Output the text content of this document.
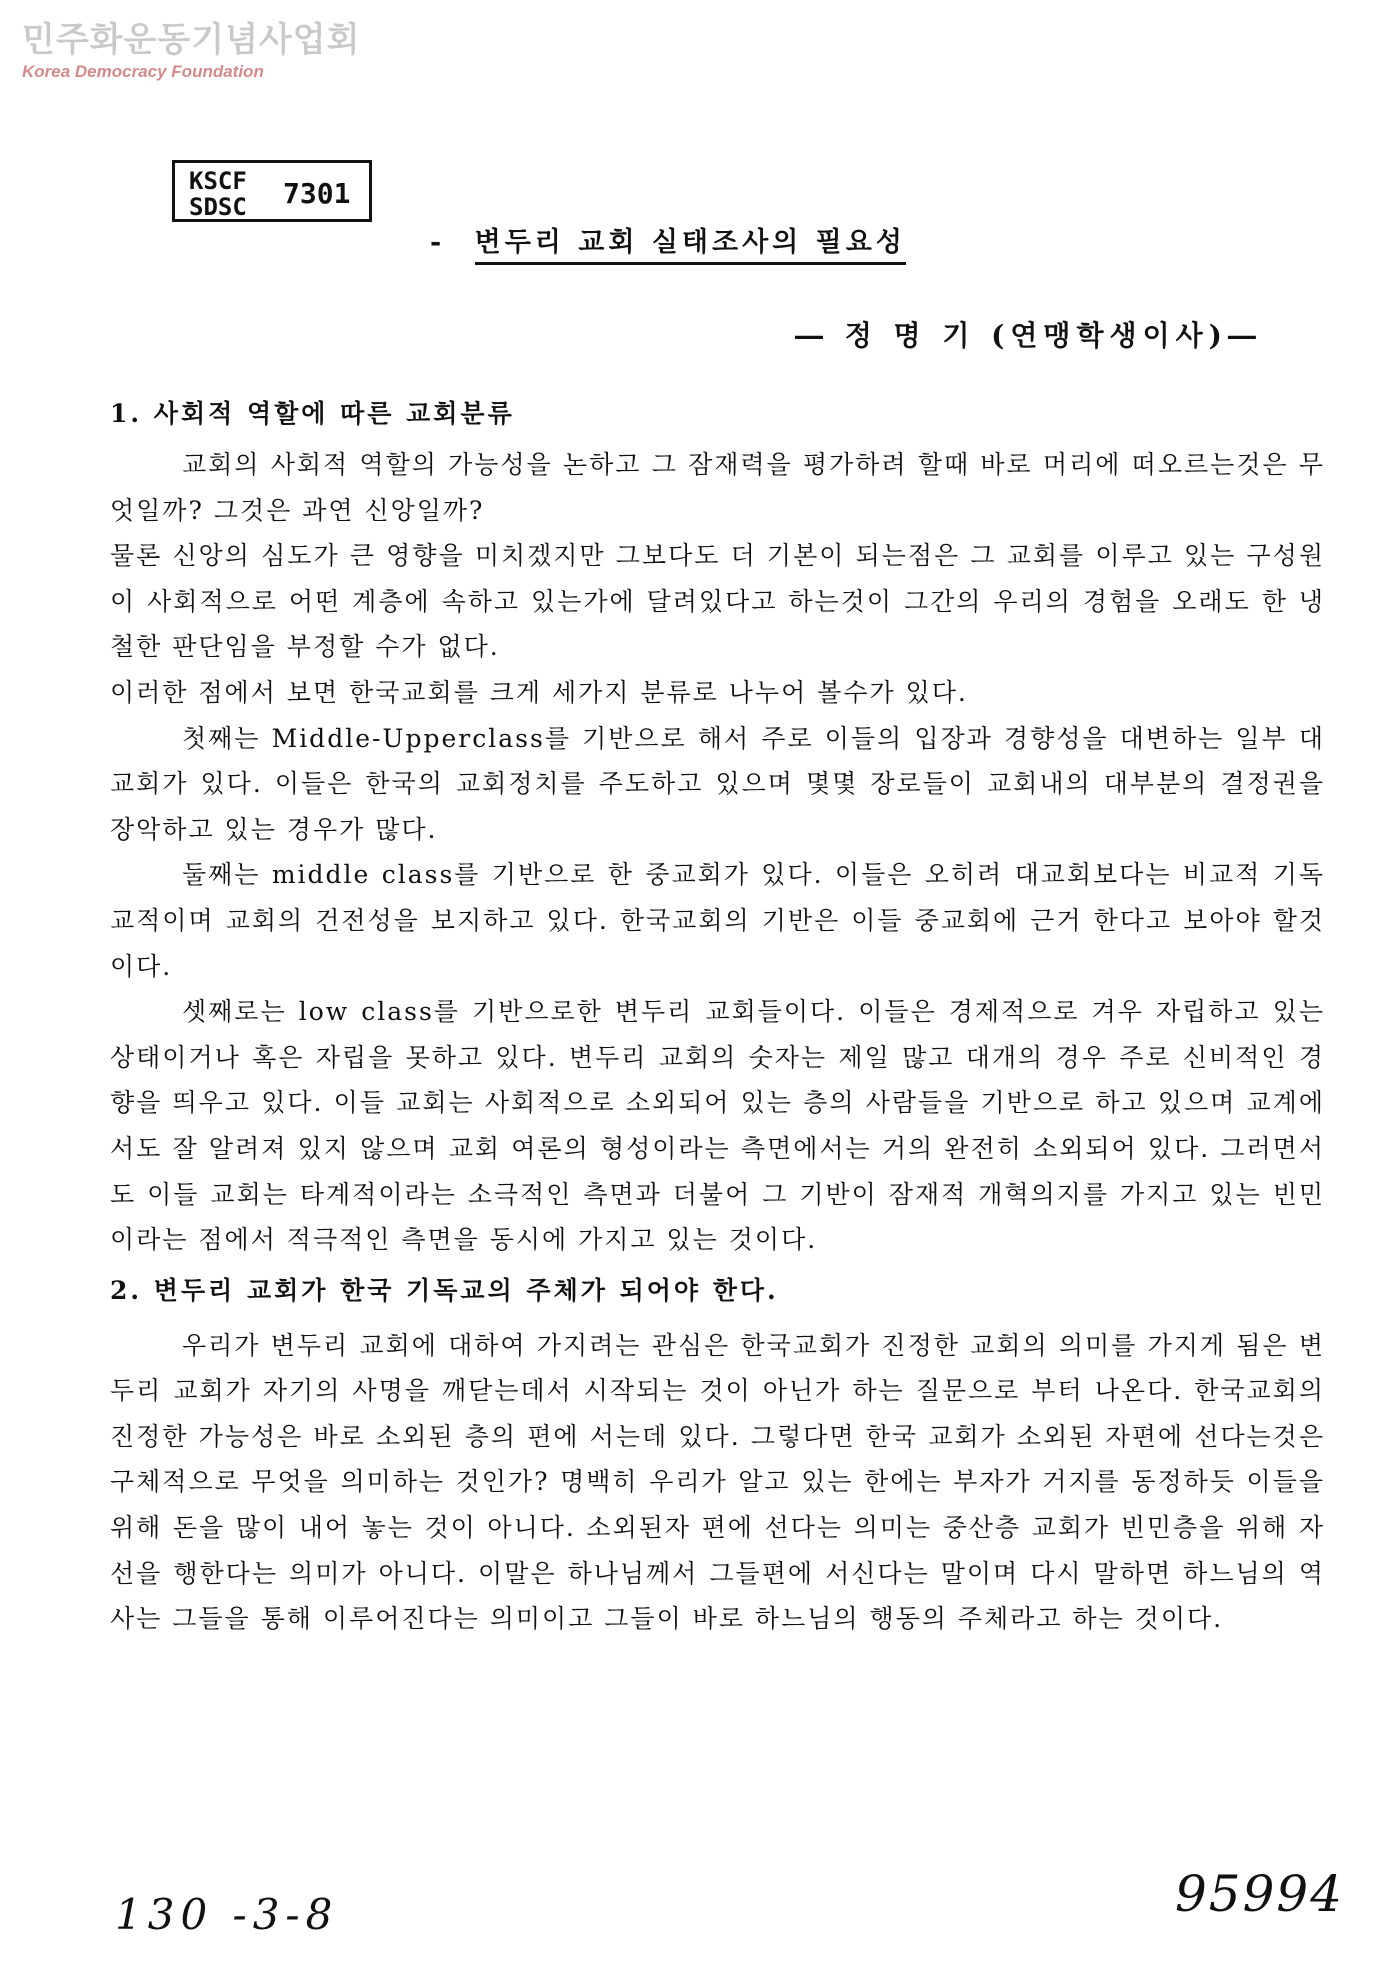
민주화운동기념사업회
Korea Democracy Foundation
KSCF
SDSC 7301
- 변두리 교회 실태조사의 필요성
― 정 명 기 (연맹학생이사)―
1. 사회적 역할에 따른 교회분류

교회의 사회적 역할의 가능성을 논하고 그 잠재력을 평가하려 할때 바로 머리에 떠오르는것은 무엇일까? 그것은 과연 신앙일까?

물론 신앙의 심도가 큰 영향을 미치겠지만 그보다도 더 기본이 되는점은 그 교회를 이루고 있는 구성원이 사회적으로 어떤 계층에 속하고 있는가에 달려있다고 하는것이 그간의 우리의 경험을 오래도 한 냉철한 판단임을 부정할 수가 없다.

이러한 점에서 보면 한국교회를 크게 세가지 분류로 나누어 볼수가 있다.

첫째는 Middle-Upperclass를 기반으로 해서 주로 이들의 입장과 경향성을 대변하는 일부 대교회가 있다. 이들은 한국의 교회정치를 주도하고 있으며 몇몇 장로들이 교회내의 대부분의 결정권을 장악하고 있는 경우가 많다.

둘째는 middle class를 기반으로 한 중교회가 있다. 이들은 오히려 대교회보다는 비교적 기독교적이며 교회의 건전성을 보지하고 있다. 한국교회의 기반은 이들 중교회에 근거 한다고 보아야 할것이다.

셋째로는 low class를 기반으로한 변두리 교회들이다. 이들은 경제적으로 겨우 자립하고 있는 상태이거나 혹은 자립을 못하고 있다. 변두리 교회의 숫자는 제일 많고 대개의 경우 주로 신비적인 경향을 띄우고 있다. 이들 교회는 사회적으로 소외되어 있는 층의 사람들을 기반으로 하고 있으며 교계에서도 잘 알려져 있지 않으며 교회 여론의 형성이라는 측면에서는 거의 완전히 소외되어 있다. 그러면서도 이들 교회는 타계적이라는 소극적인 측면과 더불어 그 기반이 잠재적 개혁의지를 가지고 있는 빈민이라는 점에서 적극적인 측면을 동시에 가지고 있는 것이다.

2. 변두리 교회가 한국 기독교의 주체가 되어야 한다.

우리가 변두리 교회에 대하여 가지려는 관심은 한국교회가 진정한 교회의 의미를 가지게 됨은 변두리 교회가 자기의 사명을 깨닫는데서 시작되는 것이 아닌가 하는 질문으로 부터 나온다. 한국교회의 진정한 가능성은 바로 소외된 층의 편에 서는데 있다. 그렇다면 한국 교회가 소외된 자편에 선다는것은 구체적으로 무엇을 의미하는 것인가? 명백히 우리가 알고 있는 한에는 부자가 거지를 동정하듯 이들을 위해 돈을 많이 내어 놓는 것이 아니다. 소외된자 편에 선다는 의미는 중산층 교회가 빈민층을 위해 자선을 행한다는 의미가 아니다. 이말은 하나님께서 그들편에 서신다는 말이며 다시 말하면 하느님의 역사는 그들을 통해 이루어진다는 의미이고 그들이 바로 하느님의 행동의 주체라고 하는 것이다.

130 -3-8	95994
